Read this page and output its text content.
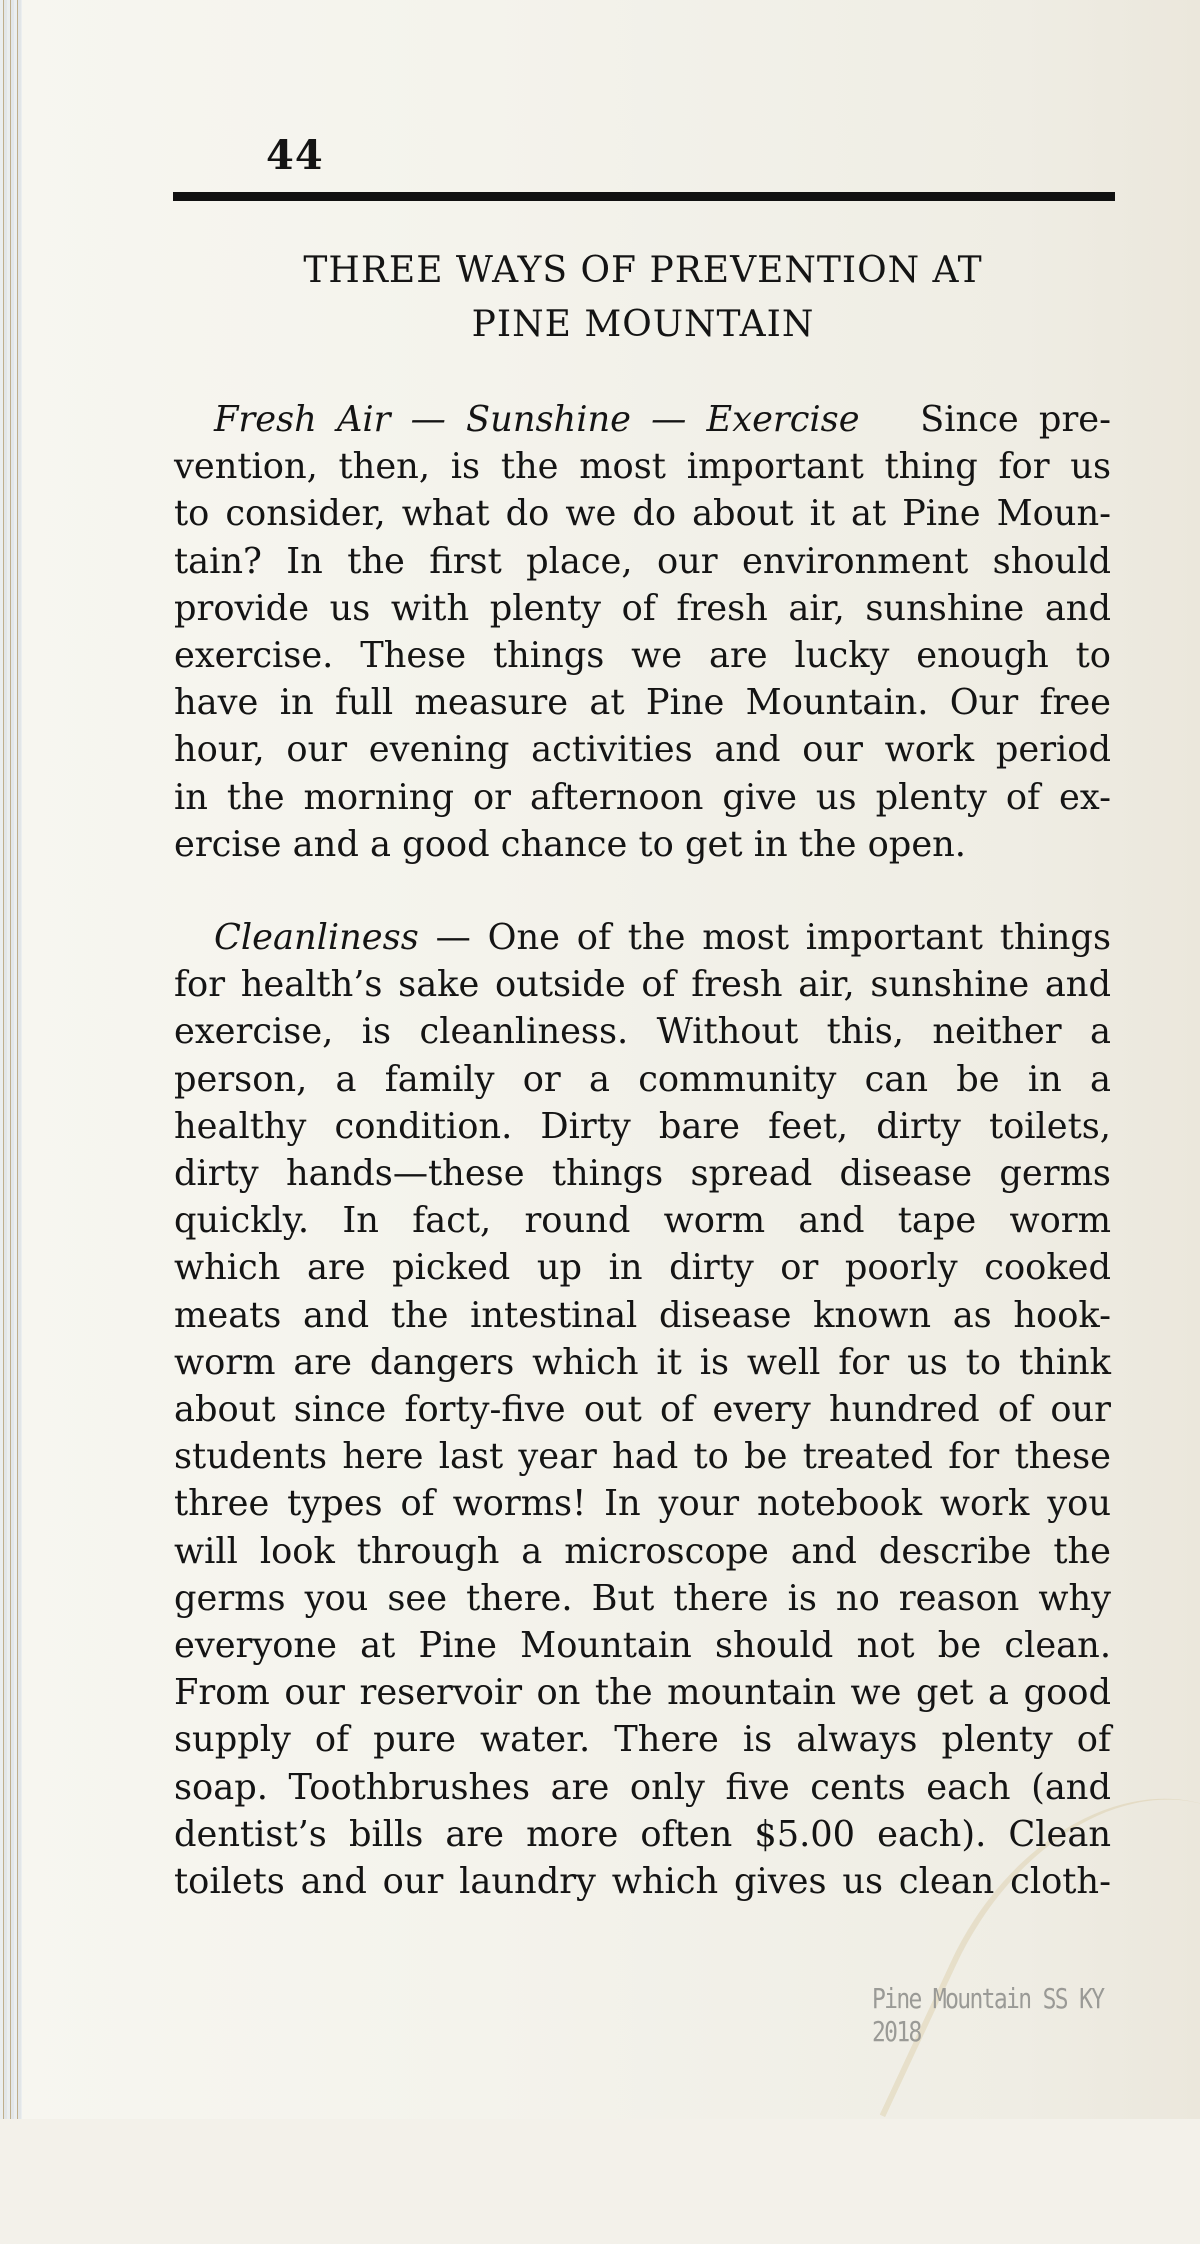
44
THREE WAYS OF PREVENTION AT
PINE MOUNTAIN
Fresh Air — Sunshine — Exercise Since pre-
vention, then, is the most important thing for us
to consider, what do we do about it at Pine Moun-
tain? In the first place, our environment should
provide us with plenty of fresh air, sunshine and
exercise. These things we are lucky enough to
have in full measure at Pine Mountain. Our free
hour, our evening activities and our work period
in the morning or afternoon give us plenty of ex-
ercise and a good chance to get in the open.
Cleanliness — One of the most important things
for health’s sake outside of fresh air, sunshine and
exercise, is cleanliness. Without this, neither a
person, a family or a community can be in a
healthy condition. Dirty bare feet, dirty toilets,
dirty hands—these things spread disease germs
quickly. In fact, round worm and tape worm
which are picked up in dirty or poorly cooked
meats and the intestinal disease known as hook-
worm are dangers which it is well for us to think
about since forty-five out of every hundred of our
students here last year had to be treated for these
three types of worms! In your notebook work you
will look through a microscope and describe the
germs you see there. But there is no reason why
everyone at Pine Mountain should not be clean.
From our reservoir on the mountain we get a good
supply of pure water. There is always plenty of
soap. Toothbrushes are only five cents each (and
dentist’s bills are more often $5.00 each). Clean
toilets and our laundry which gives us clean cloth-
Pine Mountain SS KY 2018
